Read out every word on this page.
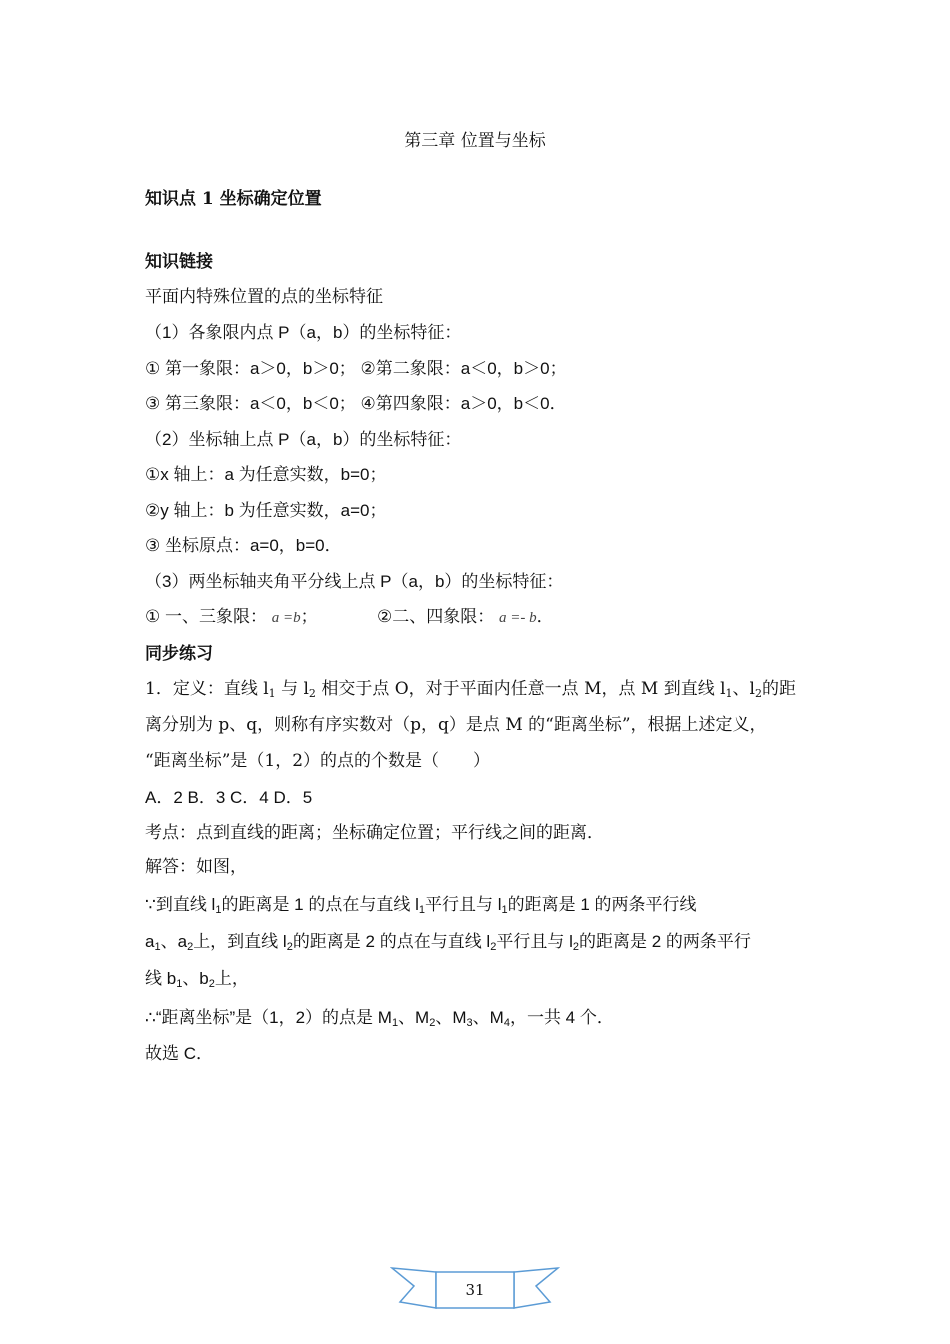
第三章 位置与坐标
知识点 1 坐标确定位置
知识链接
平面内特殊位置的点的坐标特征
（1）各象限内点 P（a，b）的坐标特征：
① 第一象限：a＞0，b＞0； ②第二象限：a＜0，b＞0；
③ 第三象限：a＜0，b＜0； ④第四象限：a＞0，b＜0．
（2）坐标轴上点 P（a，b）的坐标特征：
①x 轴上：a 为任意实数，b=0；
②y 轴上：b 为任意实数，a=0；
③ 坐标原点：a=0，b=0．
（3）两坐标轴夹角平分线上点 P（a，b）的坐标特征：
① 一、三象限： a =b；	②二、四象限： a =- b．
同步练习
1．定义：直线 $l_1$ 与 $l_2$ 相交于点 O，对于平面内任意一点 M，点 M 到直线 $l_1$、$l_2$的距
离分别为 p、q，则称有序实数对（p，q）是点 M 的“距离坐标”，根据上述定义，
“距离坐标”是（1，2）的点的个数是（　　）
A．2 B．3 C．4 D．5
考点：点到直线的距离；坐标确定位置；平行线之间的距离．
解答：如图，
∵到直线 $l_1$的距离是 1 的点在与直线 $l_1$平行且与 $l_1$的距离是 1 的两条平行线
$a_1$、$a_2$上，到直线 $l_2$的距离是 2 的点在与直线 $l_2$平行且与 $l_2$的距离是 2 的两条平行
线 $b_1$、$b_2$上，
∴“距离坐标”是（1，2）的点是 $M_1$、$M_2$、$M_3$、$M_4$，一共 4 个．
故选 C．
31
